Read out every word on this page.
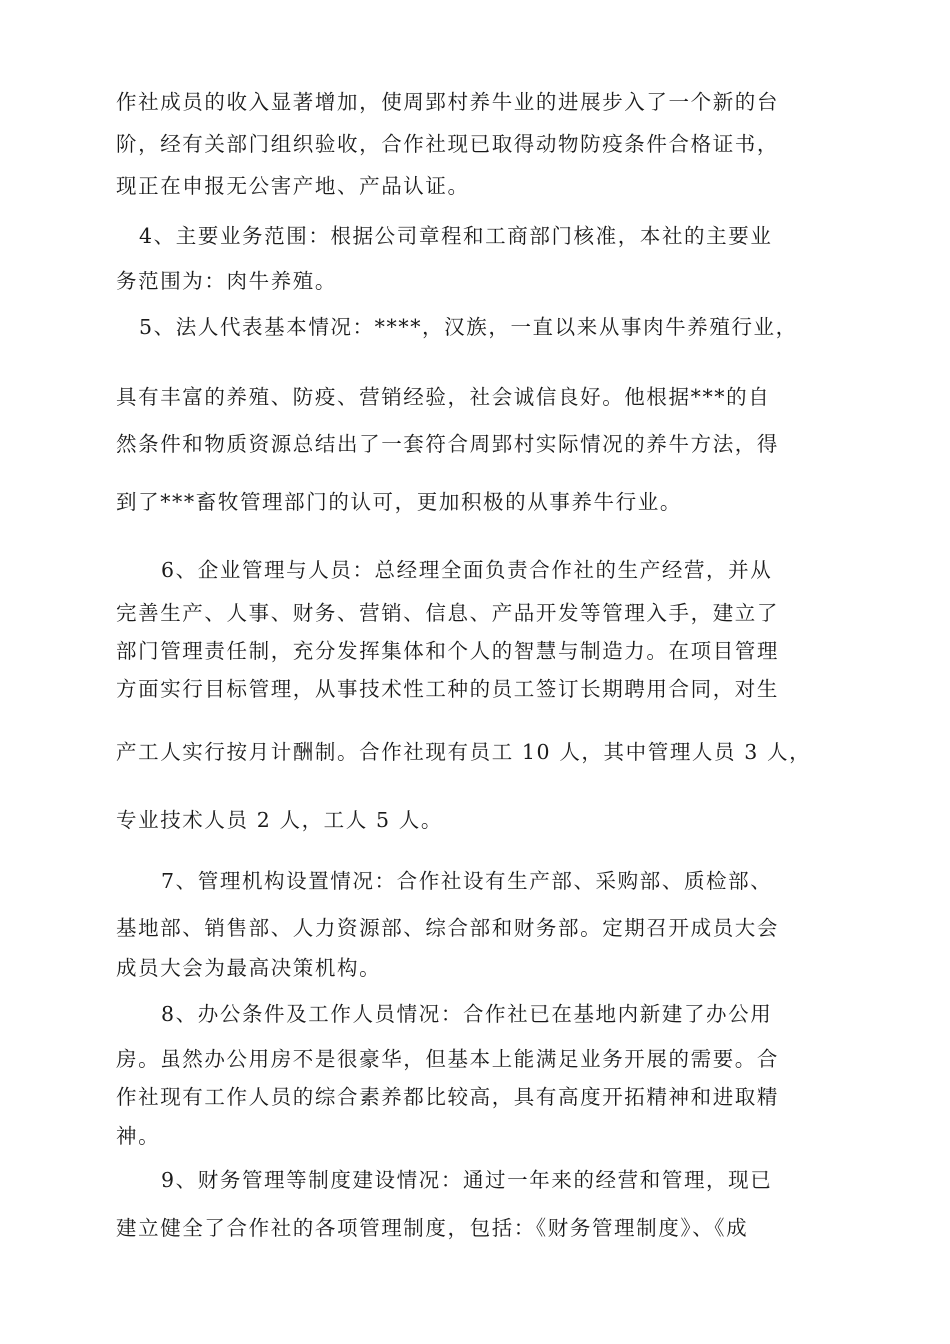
作社成员的收入显著增加，使周郢村养牛业的进展步入了一个新的台
阶，经有关部门组织验收，合作社现已取得动物防疫条件合格证书，
现正在申报无公害产地、产品认证。
4、主要业务范围：根据公司章程和工商部门核准，本社的主要业
务范围为：肉牛养殖。
5、法人代表基本情况：****，汉族，一直以来从事肉牛养殖行业，
具有丰富的养殖、防疫、营销经验，社会诚信良好。他根据***的自
然条件和物质资源总结出了一套符合周郢村实际情况的养牛方法，得
到了***畜牧管理部门的认可，更加积极的从事养牛行业。
6、企业管理与人员：总经理全面负责合作社的生产经营，并从
完善生产、人事、财务、营销、信息、产品开发等管理入手，建立了
部门管理责任制，充分发挥集体和个人的智慧与制造力。在项目管理
方面实行目标管理，从事技术性工种的员工签订长期聘用合同，对生
产工人实行按月计酬制。合作社现有员工 10 人，其中管理人员 3 人，
专业技术人员 2 人，工人 5 人。
7、管理机构设置情况：合作社设有生产部、采购部、质检部、
基地部、销售部、人力资源部、综合部和财务部。定期召开成员大会
成员大会为最高决策机构。
8、办公条件及工作人员情况：合作社已在基地内新建了办公用
房。虽然办公用房不是很豪华，但基本上能满足业务开展的需要。合
作社现有工作人员的综合素养都比较高，具有高度开拓精神和进取精
神。
9、财务管理等制度建设情况：通过一年来的经营和管理，现已
建立健全了合作社的各项管理制度，包括：《财务管理制度》、《成
